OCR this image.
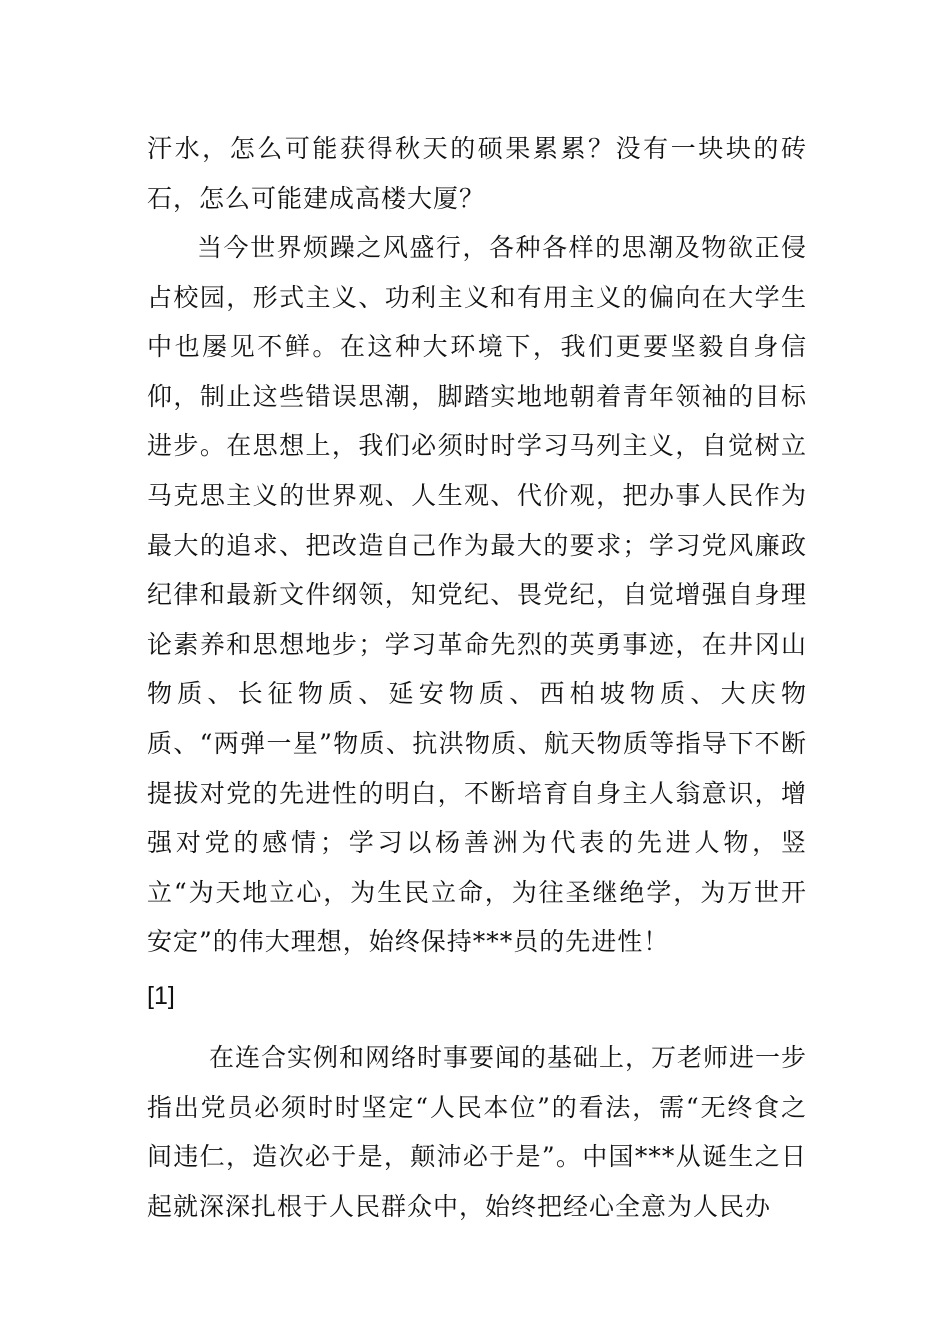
汗水，怎么可能获得秋天的硕果累累？没有一块块的砖石，怎么可能建成高楼大厦？

当今世界烦躁之风盛行，各种各样的思潮及物欲正侵占校园，形式主义、功利主义和有用主义的偏向在大学生中也屡见不鲜。在这种大环境下，我们更要坚毅自身信仰，制止这些错误思潮，脚踏实地地朝着青年领袖的目标进步。在思想上，我们必须时时学习马列主义，自觉树立马克思主义的世界观、人生观、代价观，把办事人民作为最大的追求、把改造自己作为最大的要求；学习党风廉政纪律和最新文件纲领，知党纪、畏党纪，自觉增强自身理论素养和思想地步；学习革命先烈的英勇事迹，在井冈山物质、长征物质、延安物质、西柏坡物质、大庆物质、“两弹一星”物质、抗洪物质、航天物质等指导下不断提拔对党的先进性的明白，不断培育自身主人翁意识，增强对党的感情；学习以杨善洲为代表的先进人物，竖立“为天地立心，为生民立命，为往圣继绝学，为万世开安定”的伟大理想，始终保持***员的先进性！

[1]

在连合实例和网络时事要闻的基础上，万老师进一步指出党员必须时时坚定“人民本位”的看法，需“无终食之间违仁，造次必于是，颠沛必于是”。中国***从诞生之日起就深深扎根于人民群众中，始终把经心全意为人民办
